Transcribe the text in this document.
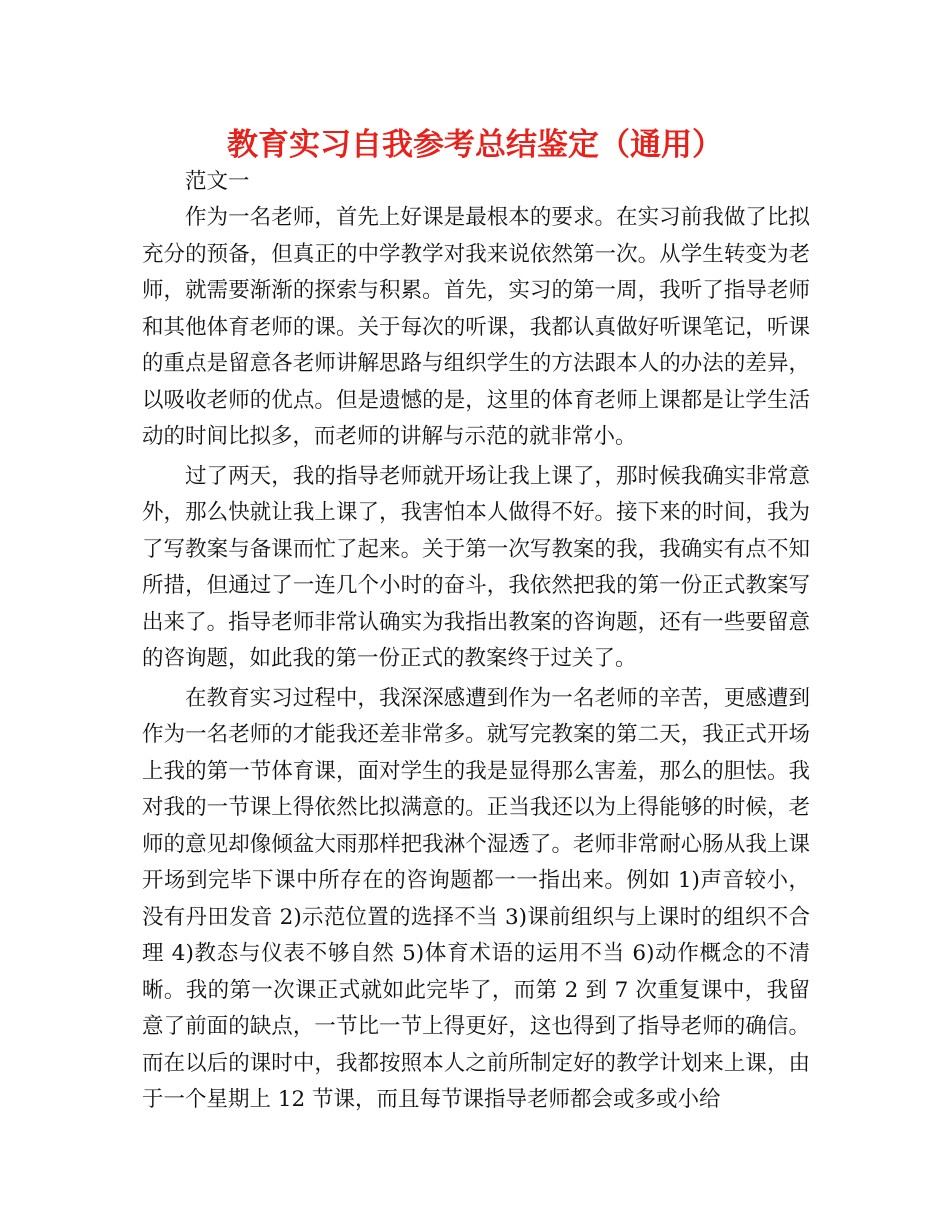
教育实习自我参考总结鉴定（通用）

范文一

作为一名老师，首先上好课是最根本的要求。在实习前我做了比拟充分的预备，但真正的中学教学对我来说依然第一次。从学生转变为老师，就需要渐渐的探索与积累。首先，实习的第一周，我听了指导老师和其他体育老师的课。关于每次的听课，我都认真做好听课笔记，听课的重点是留意各老师讲解思路与组织学生的方法跟本人的办法的差异，以吸收老师的优点。但是遗憾的是，这里的体育老师上课都是让学生活动的时间比拟多，而老师的讲解与示范的就非常小。

过了两天，我的指导老师就开场让我上课了，那时候我确实非常意外，那么快就让我上课了，我害怕本人做得不好。接下来的时间，我为了写教案与备课而忙了起来。关于第一次写教案的我，我确实有点不知所措，但通过了一连几个小时的奋斗，我依然把我的第一份正式教案写出来了。指导老师非常认确实为我指出教案的咨询题，还有一些要留意的咨询题，如此我的第一份正式的教案终于过关了。

在教育实习过程中，我深深感遭到作为一名老师的辛苦，更感遭到作为一名老师的才能我还差非常多。就写完教案的第二天，我正式开场上我的第一节体育课，面对学生的我是显得那么害羞，那么的胆怯。我对我的一节课上得依然比拟满意的。正当我还以为上得能够的时候，老师的意见却像倾盆大雨那样把我淋个湿透了。老师非常耐心肠从我上课开场到完毕下课中所存在的咨询题都一一指出来。例如 1)声音较小，没有丹田发音 2)示范位置的选择不当 3)课前组织与上课时的组织不合理 4)教态与仪表不够自然 5)体育术语的运用不当 6)动作概念的不清晰。我的第一次课正式就如此完毕了，而第 2 到 7 次重复课中，我留意了前面的缺点，一节比一节上得更好，这也得到了指导老师的确信。而在以后的课时中，我都按照本人之前所制定好的教学计划来上课，由于一个星期上 12 节课，而且每节课指导老师都会或多或小给
